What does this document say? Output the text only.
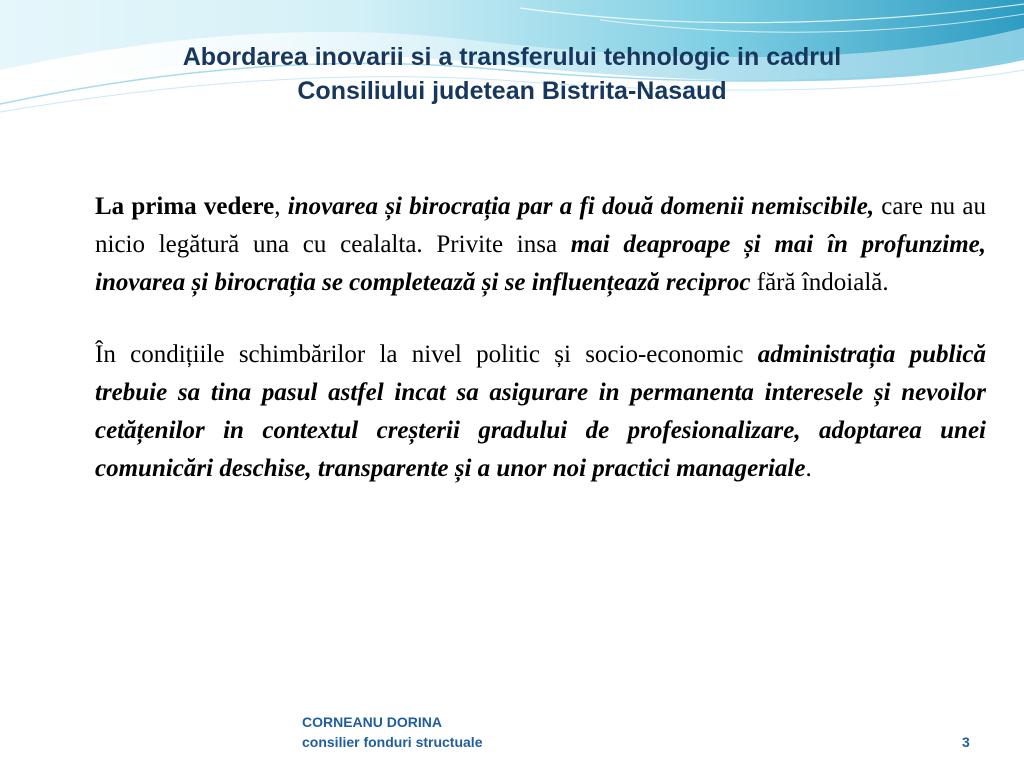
Abordarea inovarii si a transferului tehnologic in cadrul
Consiliului judetean Bistrita-Nasaud

La prima vedere, inovarea și birocrația par a fi două domenii nemiscibile, care nu au nicio legătură una cu cealalta. Privite insa mai deaproape și mai în profunzime, inovarea și birocrația se completează și se influențează reciproc fără îndoială.

În condițiile schimbărilor la nivel politic și socio-economic administrația publică trebuie sa tina pasul astfel incat sa asigurare in permanenta interesele și nevoilor cetățenilor in contextul creșterii gradului de profesionalizare, adoptarea unei comunicări deschise, transparente și a unor noi practici manageriale.

CORNEANU DORINA
consilier fonduri structuale	3
